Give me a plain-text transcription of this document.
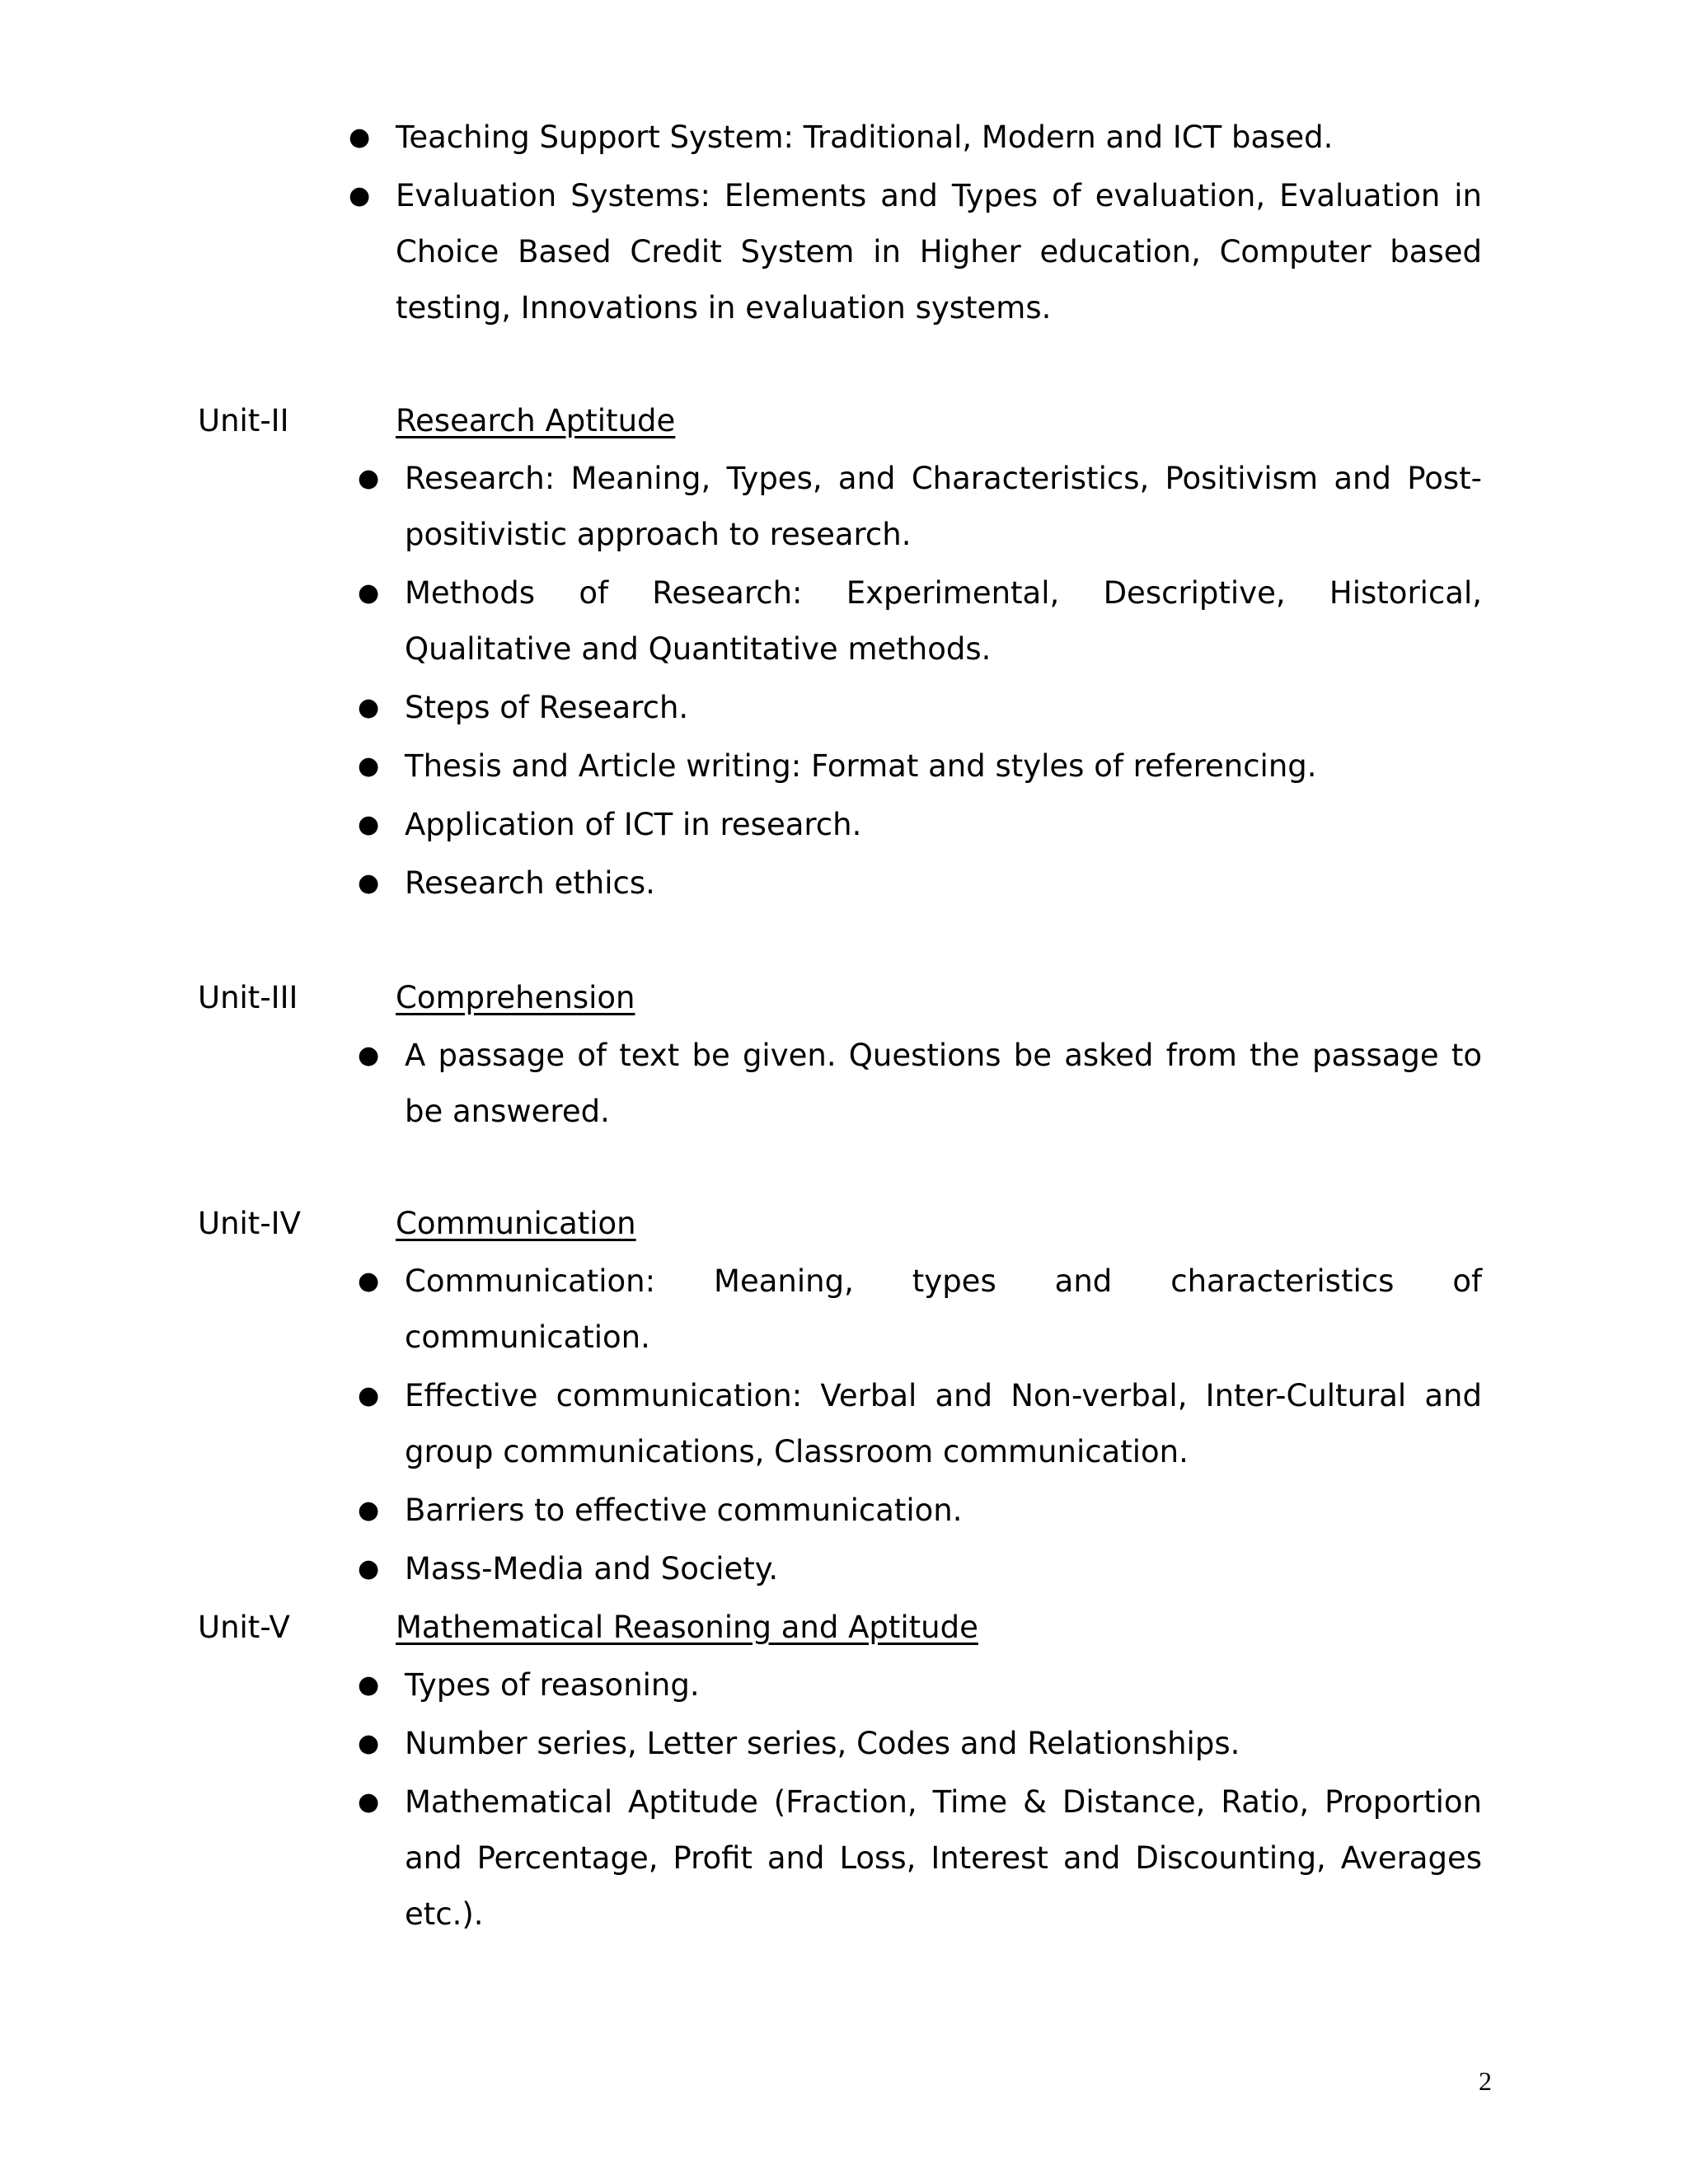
● Teaching Support System: Traditional, Modern and ICT based.
● Evaluation Systems: Elements and Types of evaluation, Evaluation in Choice Based Credit System in Higher education, Computer based testing, Innovations in evaluation systems.
Unit-II	Research Aptitude
● Research: Meaning, Types, and Characteristics, Positivism and Post-positivistic approach to research.
● Methods of Research: Experimental, Descriptive, Historical, Qualitative and Quantitative methods.
● Steps of Research.
● Thesis and Article writing: Format and styles of referencing.
● Application of ICT in research.
● Research ethics.
Unit-III	Comprehension
● A passage of text be given. Questions be asked from the passage to be answered.
Unit-IV	Communication
● Communication: Meaning, types and characteristics of communication.
● Effective communication: Verbal and Non-verbal, Inter-Cultural and group communications, Classroom communication.
● Barriers to effective communication.
● Mass-Media and Society.
Unit-V	Mathematical Reasoning and Aptitude
● Types of reasoning.
● Number series, Letter series, Codes and Relationships.
● Mathematical Aptitude (Fraction, Time & Distance, Ratio, Proportion and Percentage, Profit and Loss, Interest and Discounting, Averages etc.).
2
